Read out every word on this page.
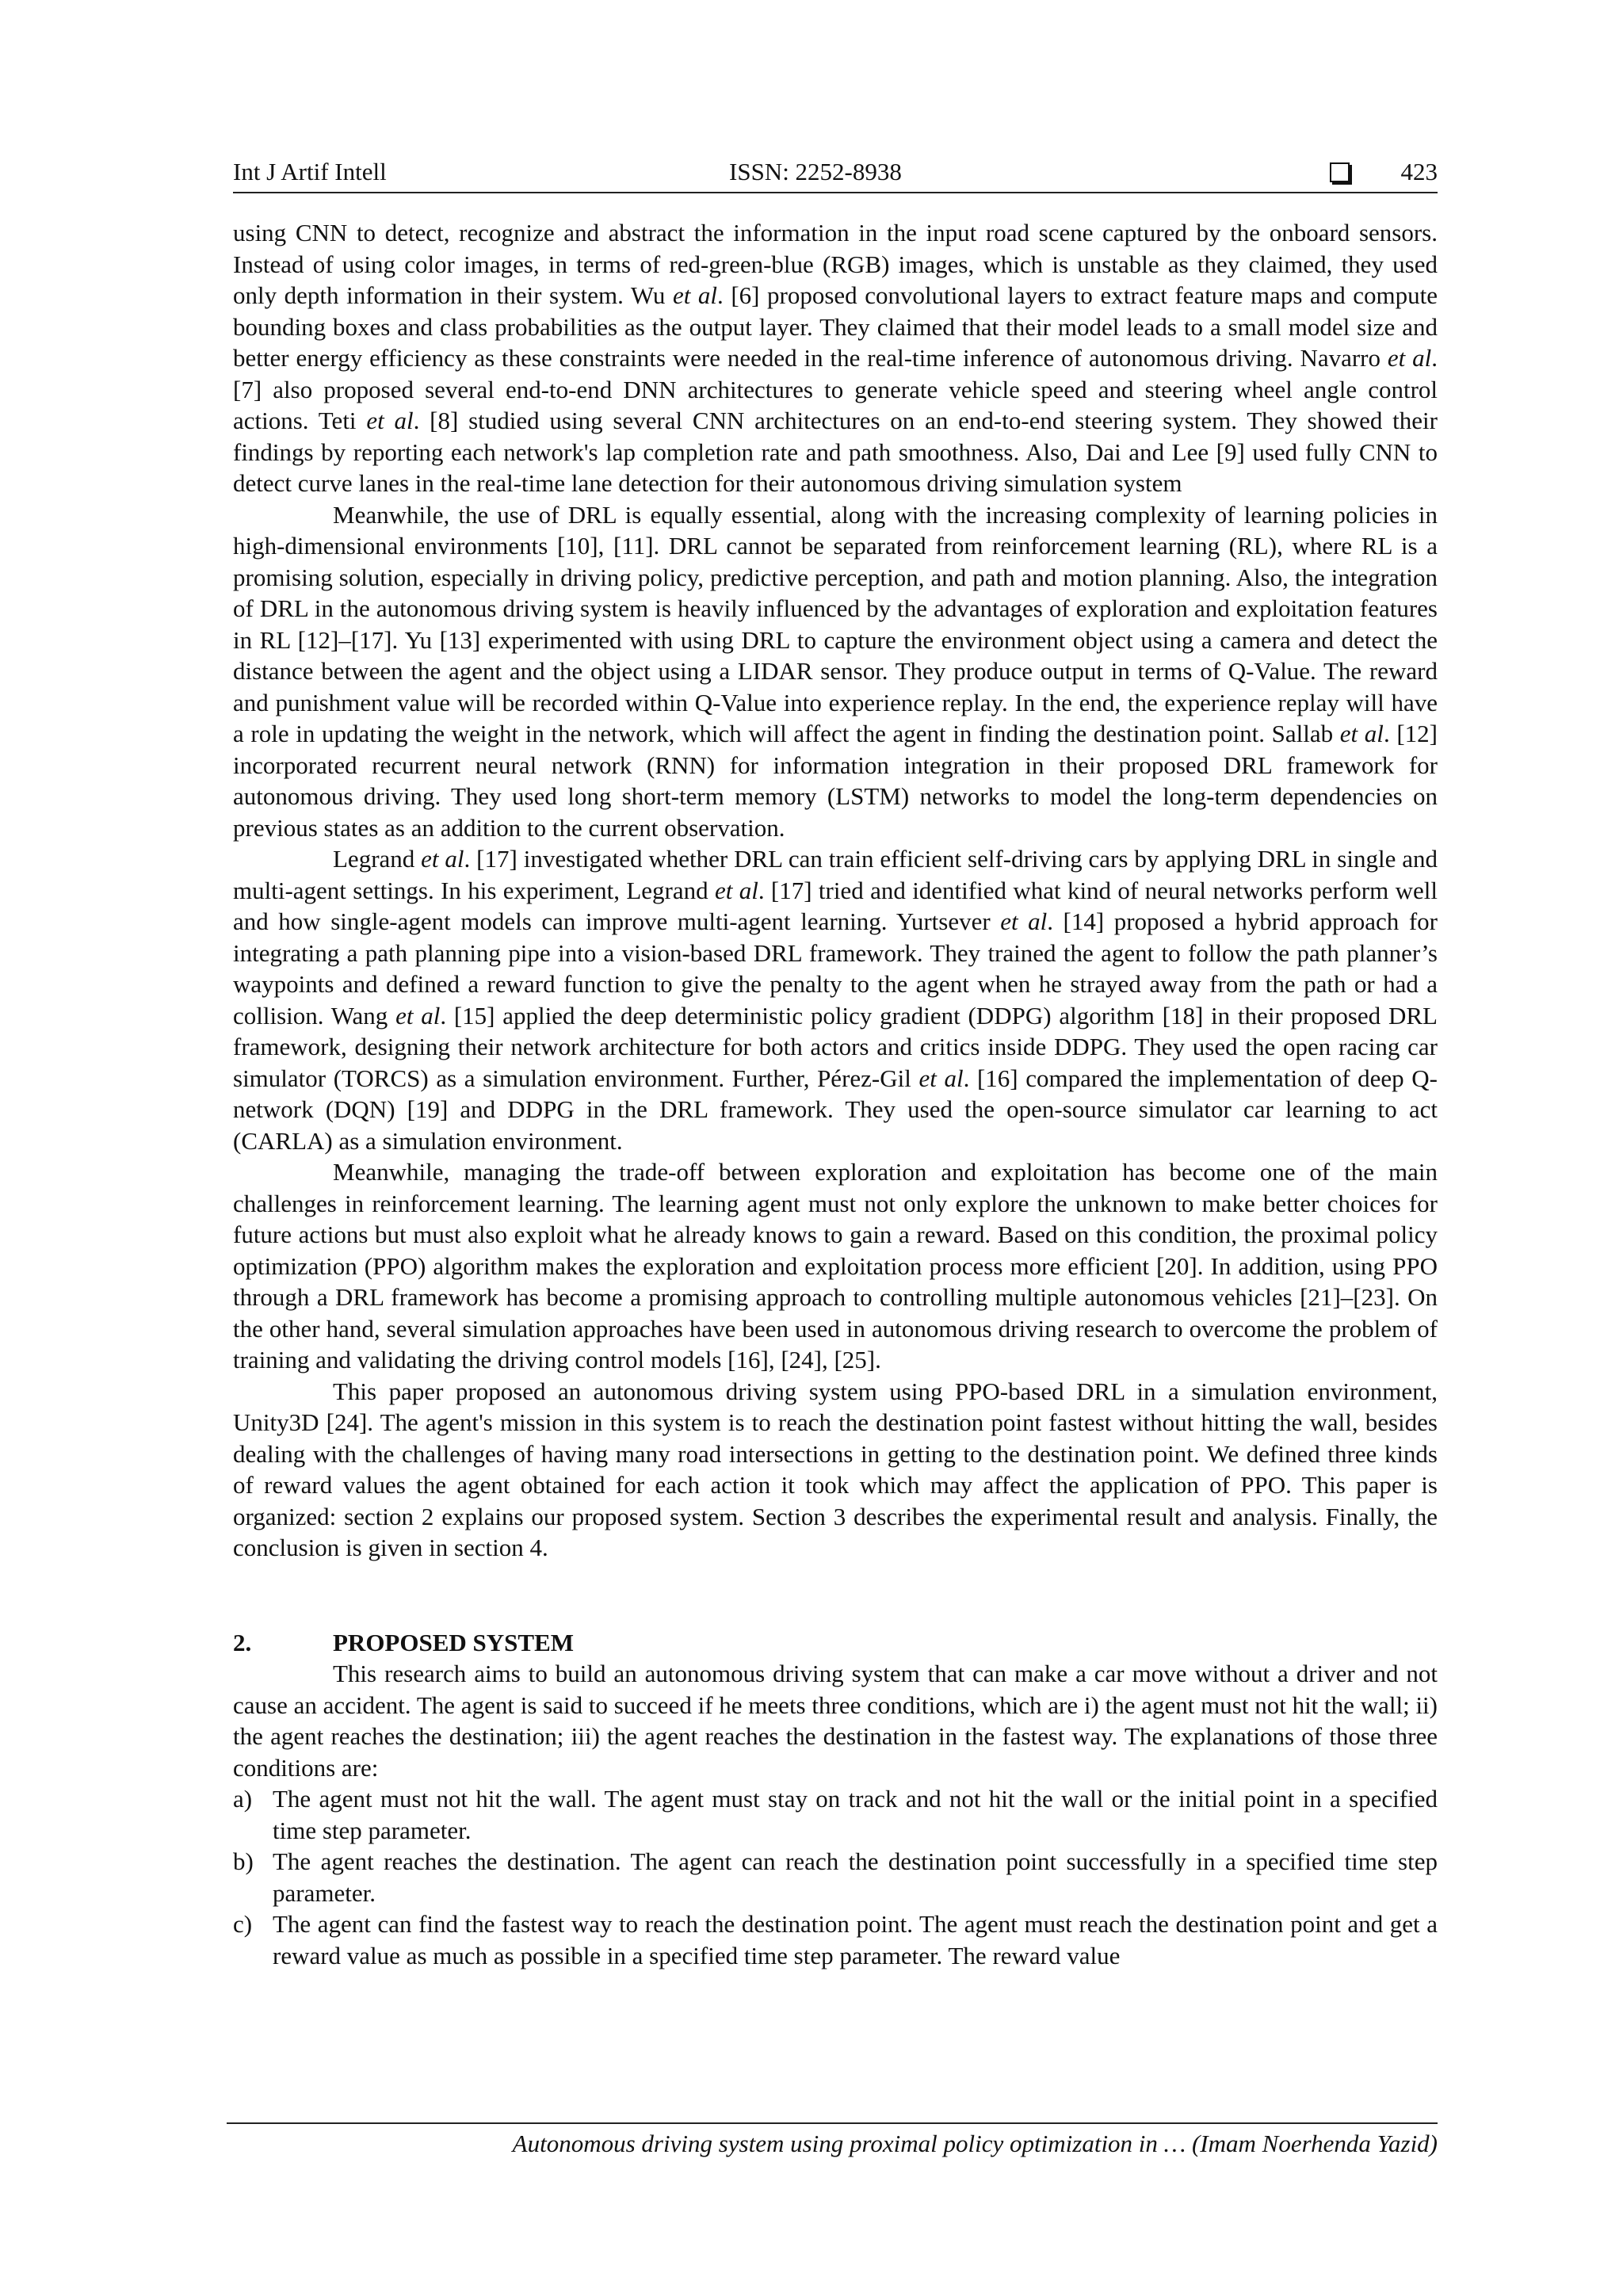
Int J Artif Intell	ISSN: 2252-8938	423

using CNN to detect, recognize and abstract the information in the input road scene captured by the onboard sensors. Instead of using color images, in terms of red-green-blue (RGB) images, which is unstable as they claimed, they used only depth information in their system. Wu et al. [6] proposed convolutional layers to extract feature maps and compute bounding boxes and class probabilities as the output layer. They claimed that their model leads to a small model size and better energy efficiency as these constraints were needed in the real-time inference of autonomous driving. Navarro et al. [7] also proposed several end-to-end DNN architectures to generate vehicle speed and steering wheel angle control actions. Teti et al. [8] studied using several CNN architectures on an end-to-end steering system. They showed their findings by reporting each network's lap completion rate and path smoothness. Also, Dai and Lee [9] used fully CNN to detect curve lanes in the real-time lane detection for their autonomous driving simulation system

Meanwhile, the use of DRL is equally essential, along with the increasing complexity of learning policies in high-dimensional environments [10], [11]. DRL cannot be separated from reinforcement learning (RL), where RL is a promising solution, especially in driving policy, predictive perception, and path and motion planning. Also, the integration of DRL in the autonomous driving system is heavily influenced by the advantages of exploration and exploitation features in RL [12]–[17]. Yu [13] experimented with using DRL to capture the environment object using a camera and detect the distance between the agent and the object using a LIDAR sensor. They produce output in terms of Q-Value. The reward and punishment value will be recorded within Q-Value into experience replay. In the end, the experience replay will have a role in updating the weight in the network, which will affect the agent in finding the destination point. Sallab et al. [12] incorporated recurrent neural network (RNN) for information integration in their proposed DRL framework for autonomous driving. They used long short-term memory (LSTM) networks to model the long-term dependencies on previous states as an addition to the current observation.

Legrand et al. [17] investigated whether DRL can train efficient self-driving cars by applying DRL in single and multi-agent settings. In his experiment, Legrand et al. [17] tried and identified what kind of neural networks perform well and how single-agent models can improve multi-agent learning. Yurtsever et al. [14] proposed a hybrid approach for integrating a path planning pipe into a vision-based DRL framework. They trained the agent to follow the path planner’s waypoints and defined a reward function to give the penalty to the agent when he strayed away from the path or had a collision. Wang et al. [15] applied the deep deterministic policy gradient (DDPG) algorithm [18] in their proposed DRL framework, designing their network architecture for both actors and critics inside DDPG. They used the open racing car simulator (TORCS) as a simulation environment. Further, Pérez-Gil et al. [16] compared the implementation of deep Q-network (DQN) [19] and DDPG in the DRL framework. They used the open-source simulator car learning to act (CARLA) as a simulation environment.

Meanwhile, managing the trade-off between exploration and exploitation has become one of the main challenges in reinforcement learning. The learning agent must not only explore the unknown to make better choices for future actions but must also exploit what he already knows to gain a reward. Based on this condition, the proximal policy optimization (PPO) algorithm makes the exploration and exploitation process more efficient [20]. In addition, using PPO through a DRL framework has become a promising approach to controlling multiple autonomous vehicles [21]–[23]. On the other hand, several simulation approaches have been used in autonomous driving research to overcome the problem of training and validating the driving control models [16], [24], [25].

This paper proposed an autonomous driving system using PPO-based DRL in a simulation environment, Unity3D [24]. The agent's mission in this system is to reach the destination point fastest without hitting the wall, besides dealing with the challenges of having many road intersections in getting to the destination point. We defined three kinds of reward values the agent obtained for each action it took which may affect the application of PPO. This paper is organized: section 2 explains our proposed system. Section 3 describes the experimental result and analysis. Finally, the conclusion is given in section 4.

2.	PROPOSED SYSTEM

This research aims to build an autonomous driving system that can make a car move without a driver and not cause an accident. The agent is said to succeed if he meets three conditions, which are i) the agent must not hit the wall; ii) the agent reaches the destination; iii) the agent reaches the destination in the fastest way. The explanations of those three conditions are:

a) The agent must not hit the wall. The agent must stay on track and not hit the wall or the initial point in a specified time step parameter.
b) The agent reaches the destination. The agent can reach the destination point successfully in a specified time step parameter.
c) The agent can find the fastest way to reach the destination point. The agent must reach the destination point and get a reward value as much as possible in a specified time step parameter. The reward value
Autonomous driving system using proximal policy optimization in … (Imam Noerhenda Yazid)
